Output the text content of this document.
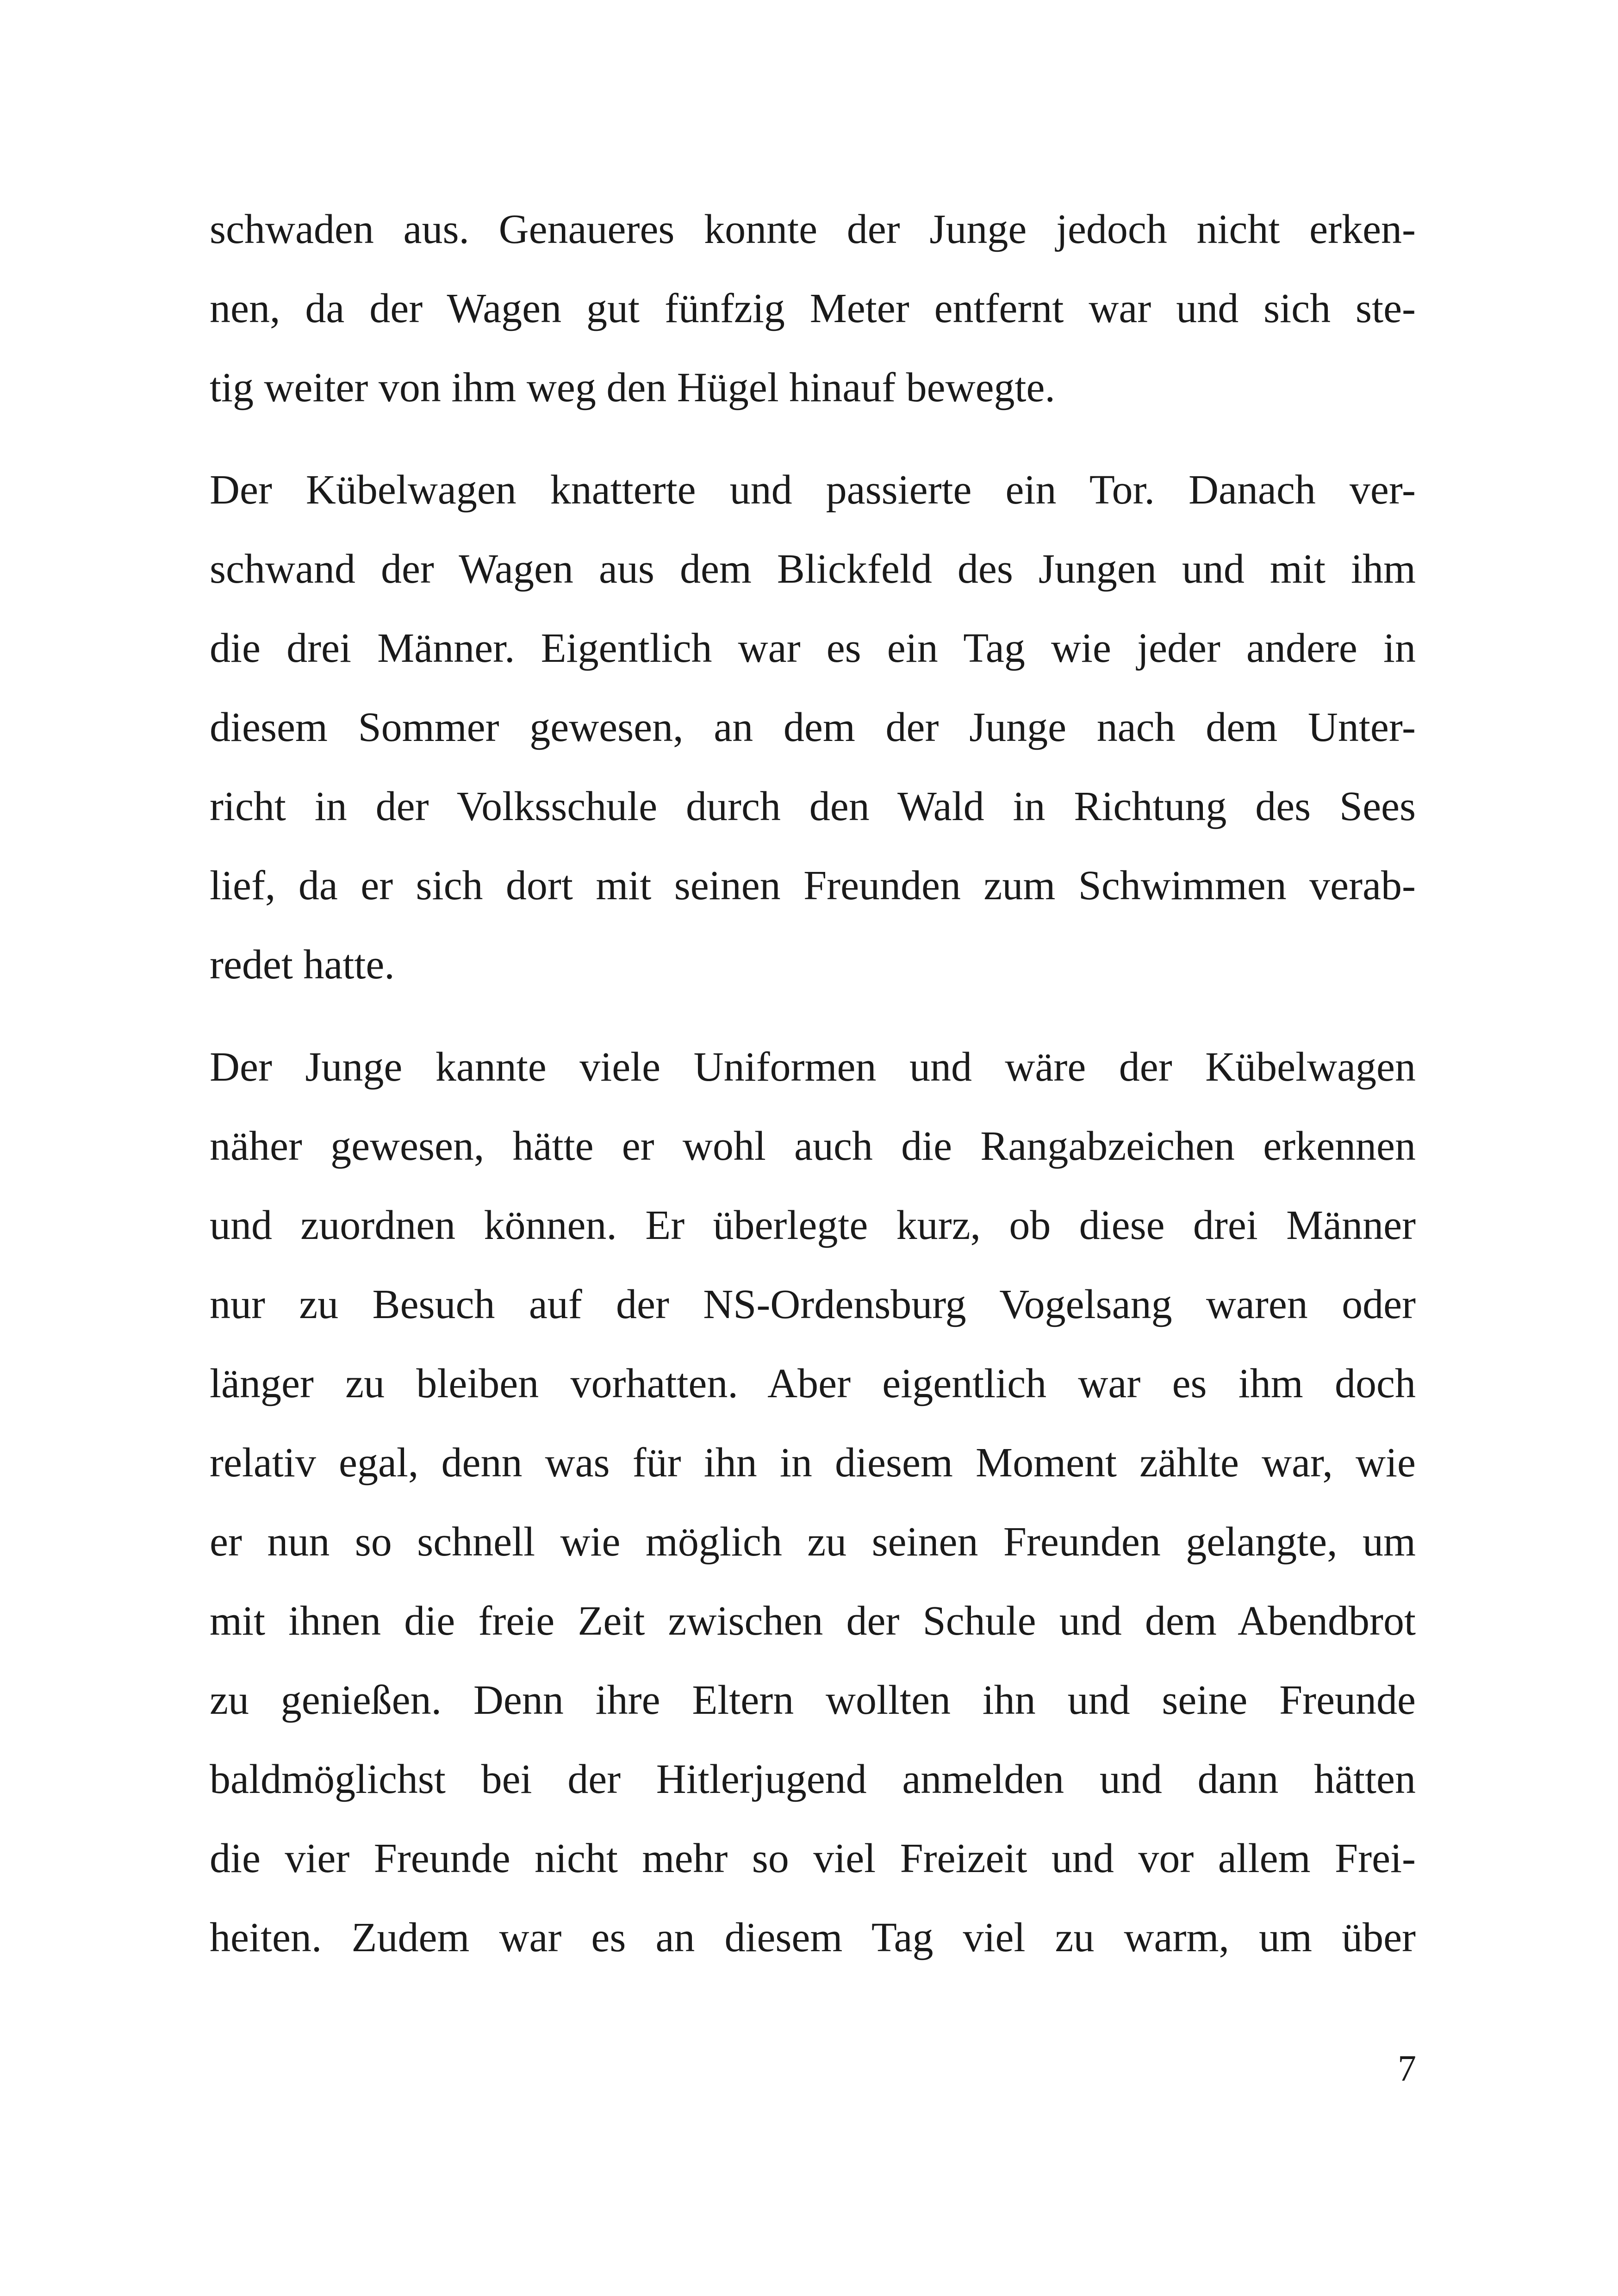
schwaden aus. Genaueres konnte der Junge jedoch nicht erken-
nen, da der Wagen gut fünfzig Meter entfernt war und sich ste-
tig weiter von ihm weg den Hügel hinauf bewegte.

Der Kübelwagen knatterte und passierte ein Tor. Danach ver-
schwand der Wagen aus dem Blickfeld des Jungen und mit ihm
die drei Männer. Eigentlich war es ein Tag wie jeder andere in
diesem Sommer gewesen, an dem der Junge nach dem Unter-
richt in der Volksschule durch den Wald in Richtung des Sees
lief, da er sich dort mit seinen Freunden zum Schwimmen verab-
redet hatte.

Der Junge kannte viele Uniformen und wäre der Kübelwagen
näher gewesen, hätte er wohl auch die Rangabzeichen erkennen
und zuordnen können. Er überlegte kurz, ob diese drei Männer
nur zu Besuch auf der NS-Ordensburg Vogelsang waren oder
länger zu bleiben vorhatten. Aber eigentlich war es ihm doch
relativ egal, denn was für ihn in diesem Moment zählte war, wie
er nun so schnell wie möglich zu seinen Freunden gelangte, um
mit ihnen die freie Zeit zwischen der Schule und dem Abendbrot
zu genießen. Denn ihre Eltern wollten ihn und seine Freunde
baldmöglichst bei der Hitlerjugend anmelden und dann hätten
die vier Freunde nicht mehr so viel Freizeit und vor allem Frei-
heiten. Zudem war es an diesem Tag viel zu warm, um über

7
